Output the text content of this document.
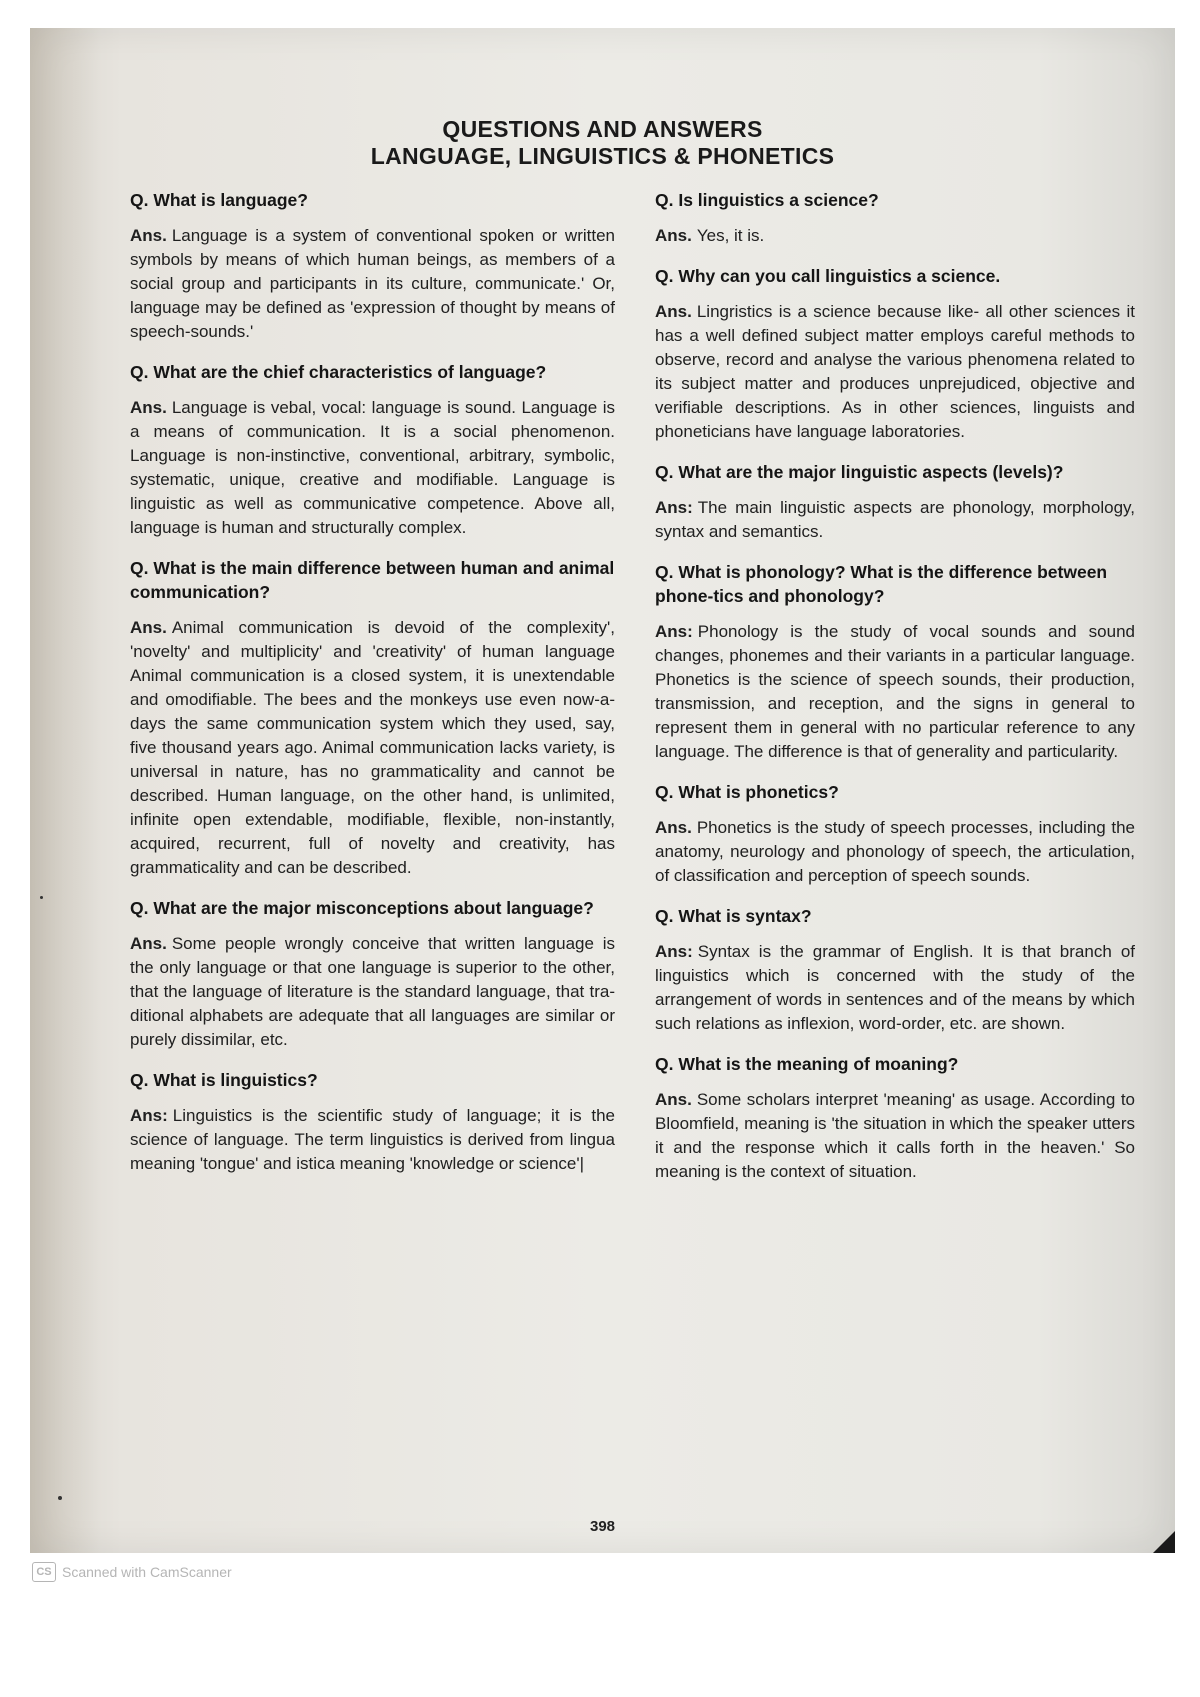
QUESTIONS AND ANSWERS
LANGUAGE, LINGUISTICS & PHONETICS
Q. What is language?

Ans. Language is a system of conventional spoken or written symbols by means of which human beings, as members of a social group and participants in its culture, communicate.' Or, language may be defined as 'expression of thought by means of speech-sounds.'

Q. What are the chief characteristics of language?

Ans. Language is vebal, vocal: language is sound. Language is a means of communication. It is a social phenomenon. Language is non-instinctive, conventional, arbitrary, symbolic, systematic, unique, creative and modifiable. Language is linguistic as well as communicative competence. Above all, language is human and structurally complex.

Q. What is the main difference between human and animal communication?

Ans. Animal communication is devoid of the complexity', 'novelty' and multiplicity' and 'creativity' of human language Animal communication is a closed system, it is unextendable and omodifiable. The bees and the monkeys use even now-a-days the same communication system which they used, say, five thousand years ago. Animal communication lacks variety, is universal in nature, has no grammaticality and cannot be described. Human language, on the other hand, is unlimited, infinite open extendable, modifiable, flexible, non-instantly, acquired, recurrent, full of novelty and creativity, has grammaticality and can be described.

Q. What are the major misconceptions about language?

Ans. Some people wrongly conceive that written language is the only language or that one language is superior to the other, that the language of literature is the standard language, that tra-ditional alphabets are adequate that all languages are similar or purely dissimilar, etc.

Q. What is linguistics?

Ans: Linguistics is the scientific study of language; it is the science of language. The term linguistics is derived from lingua meaning 'tongue' and istica meaning 'knowledge or science'|

Q. Is linguistics a science?

Ans. Yes, it is.

Q. Why can you call linguistics a science.

Ans. Lingristics is a science because like- all other sciences it has a well defined subject matter employs careful methods to observe, record and analyse the various phenomena related to its subject matter and produces unprejudiced, objective and verifiable descriptions. As in other sciences, linguists and phoneticians have language laboratories.

Q. What are the major linguistic aspects (levels)?

Ans: The main linguistic aspects are phonology, morphology, syntax and semantics.

Q. What is phonology? What is the difference between phone-tics and phonology?

Ans: Phonology is the study of vocal sounds and sound changes, phonemes and their variants in a particular language. Phonetics is the science of speech sounds, their production, transmission, and reception, and the signs in general to represent them in general with no particular reference to any language. The difference is that of generality and particularity.

Q. What is phonetics?

Ans. Phonetics is the study of speech processes, including the anatomy, neurology and phonology of speech, the articulation, of classification and perception of speech sounds.

Q. What is syntax?

Ans: Syntax is the grammar of English. It is that branch of linguistics which is concerned with the study of the arrangement of words in sentences and of the means by which such relations as inflexion, word-order, etc. are shown.

Q. What is the meaning of moaning?

Ans. Some scholars interpret 'meaning' as usage. According to Bloomfield, meaning is 'the situation in which the speaker utters it and the response which it calls forth in the heaven.' So meaning is the context of situation.

398
CS Scanned with CamScanner
